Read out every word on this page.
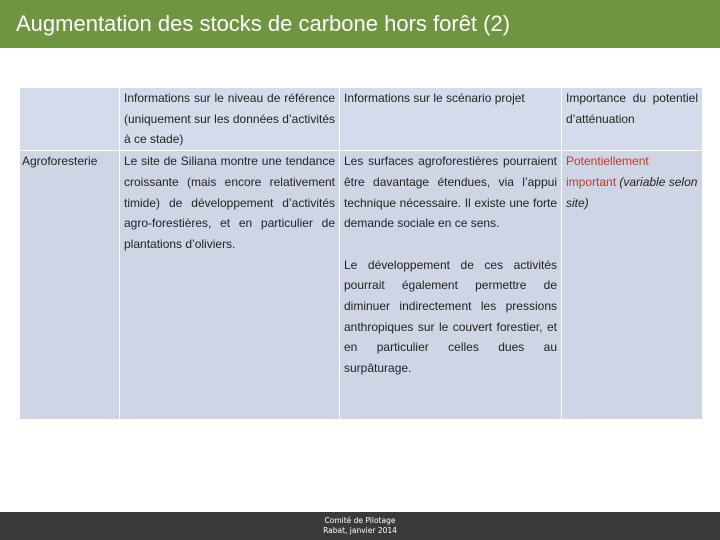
Augmentation des stocks de carbone hors forêt (2)

	Informations sur le niveau de référence (uniquement sur les données d’activités à ce stade)	Informations sur le scénario projet	Importance du potentiel d’atténuation

Agroforesterie	Le site de Siliana montre une tendance croissante (mais encore relativement timide) de développement d’activités agro-forestières, et en particulier de plantations d’oliviers.	Les surfaces agroforestières pourraient être davantage étendues, via l’appui technique nécessaire. Il existe une forte demande sociale en ce sens.
Le développement de ces activités pourrait également permettre de diminuer indirectement les pressions anthropiques sur le couvert forestier, et en particulier celles dues au surpâturage.	Potentiellement important (variable selon site)
Comité de Pilotage
Rabat, janvier 2014
